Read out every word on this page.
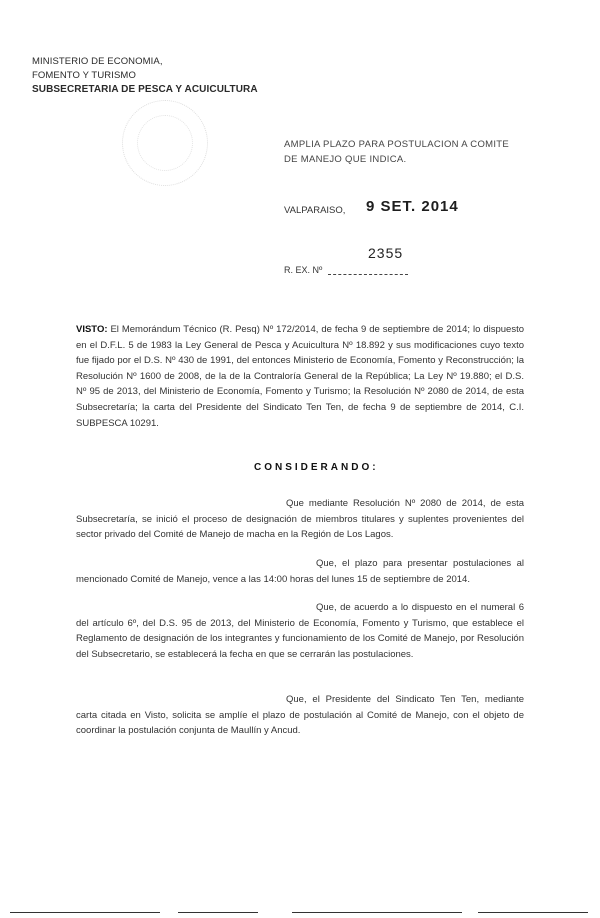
MINISTERIO DE ECONOMIA,
FOMENTO Y TURISMO
SUBSECRETARIA DE PESCA Y ACUICULTURA
AMPLIA PLAZO PARA POSTULACION A COMITE DE MANEJO QUE INDICA.
VALPARAISO, 9 SET. 2014
2355
R. EX. Nº
VISTO: El Memorándum Técnico (R. Pesq) Nº 172/2014, de fecha 9 de septiembre de 2014; lo dispuesto en el D.F.L. 5 de 1983 la Ley General de Pesca y Acuicultura Nº 18.892 y sus modificaciones cuyo texto fue fijado por el D.S. Nº 430 de 1991, del entonces Ministerio de Economía, Fomento y Reconstrucción; la Resolución Nº 1600 de 2008, de la de la Contraloría General de la República; La Ley Nº 19.880; el D.S. Nº 95 de 2013, del Ministerio de Economía, Fomento y Turismo; la Resolución Nº 2080 de 2014, de esta Subsecretaría; la carta del Presidente del Sindicato Ten Ten, de fecha 9 de septiembre de 2014, C.I. SUBPESCA 10291.
CONSIDERANDO:
Que mediante Resolución Nº 2080 de 2014, de esta Subsecretaría, se inició el proceso de designación de miembros titulares y suplentes provenientes del sector privado del Comité de Manejo de macha en la Región de Los Lagos.
Que, el plazo para presentar postulaciones al mencionado Comité de Manejo, vence a las 14:00 horas del lunes 15 de septiembre de 2014.
Que, de acuerdo a lo dispuesto en el numeral 6 del artículo 6º, del D.S. 95 de 2013, del Ministerio de Economía, Fomento y Turismo, que establece el Reglamento de designación de los integrantes y funcionamiento de los Comité de Manejo, por Resolución del Subsecretario, se establecerá la fecha en que se cerrarán las postulaciones.
Que, el Presidente del Sindicato Ten Ten, mediante carta citada en Visto, solicita se amplíe el plazo de postulación al Comité de Manejo, con el objeto de coordinar la postulación conjunta de Maullín y Ancud.
